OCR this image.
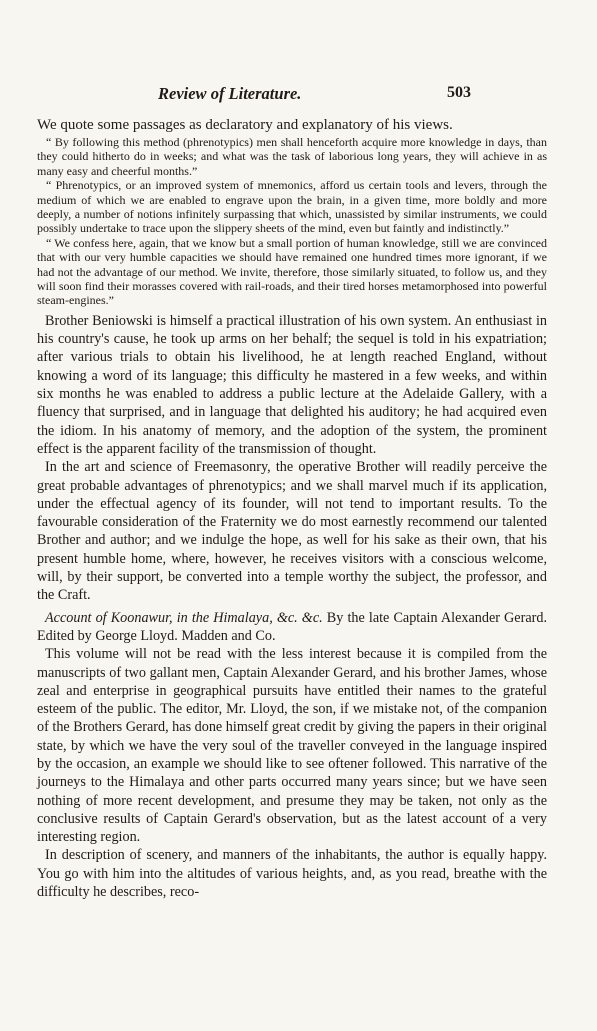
Review of Literature.	503

We quote some passages as declaratory and explanatory of his views.

“ By following this method (phrenotypics) men shall henceforth acquire more knowledge in days, than they could hitherto do in weeks; and what was the task of laborious long years, they will achieve in as many easy and cheerful months.”

“ Phrenotypics, or an improved system of mnemonics, afford us certain tools and levers, through the medium of which we are enabled to engrave upon the brain, in a given time, more boldly and more deeply, a number of notions infinitely surpassing that which, unassisted by similar instruments, we could possibly undertake to trace upon the slippery sheets of the mind, even but faintly and indistinctly.”

“ We confess here, again, that we know but a small portion of human knowledge, still we are convinced that with our very humble capacities we should have remained one hundred times more ignorant, if we had not the advantage of our method. We invite, therefore, those similarly situated, to follow us, and they will soon find their morasses covered with rail-roads, and their tired horses metamorphosed into powerful steam-engines.”

Brother Beniowski is himself a practical illustration of his own system. An enthusiast in his country's cause, he took up arms on her behalf; the sequel is told in his expatriation; after various trials to obtain his livelihood, he at length reached England, without knowing a word of its language; this difficulty he mastered in a few weeks, and within six months he was enabled to address a public lecture at the Adelaide Gallery, with a fluency that surprised, and in language that delighted his auditory; he had acquired even the idiom. In his anatomy of memory, and the adoption of the system, the prominent effect is the apparent facility of the transmission of thought.

In the art and science of Freemasonry, the operative Brother will readily perceive the great probable advantages of phrenotypics; and we shall marvel much if its application, under the effectual agency of its founder, will not tend to important results. To the favourable consideration of the Fraternity we do most earnestly recommend our talented Brother and author; and we indulge the hope, as well for his sake as their own, that his present humble home, where, however, he receives visitors with a conscious welcome, will, by their support, be converted into a temple worthy the subject, the professor, and the Craft.

Account of Koonawur, in the Himalaya, &c. &c. By the late Captain Alexander Gerard. Edited by George Lloyd. Madden and Co.

This volume will not be read with the less interest because it is compiled from the manuscripts of two gallant men, Captain Alexander Gerard, and his brother James, whose zeal and enterprise in geographical pursuits have entitled their names to the grateful esteem of the public. The editor, Mr. Lloyd, the son, if we mistake not, of the companion of the Brothers Gerard, has done himself great credit by giving the papers in their original state, by which we have the very soul of the traveller conveyed in the language inspired by the occasion, an example we should like to see oftener followed. This narrative of the journeys to the Himalaya and other parts occurred many years since; but we have seen nothing of more recent development, and presume they may be taken, not only as the conclusive results of Captain Gerard's observation, but as the latest account of a very interesting region.

In description of scenery, and manners of the inhabitants, the author is equally happy. You go with him into the altitudes of various heights, and, as you read, breathe with the difficulty he describes, reco-
